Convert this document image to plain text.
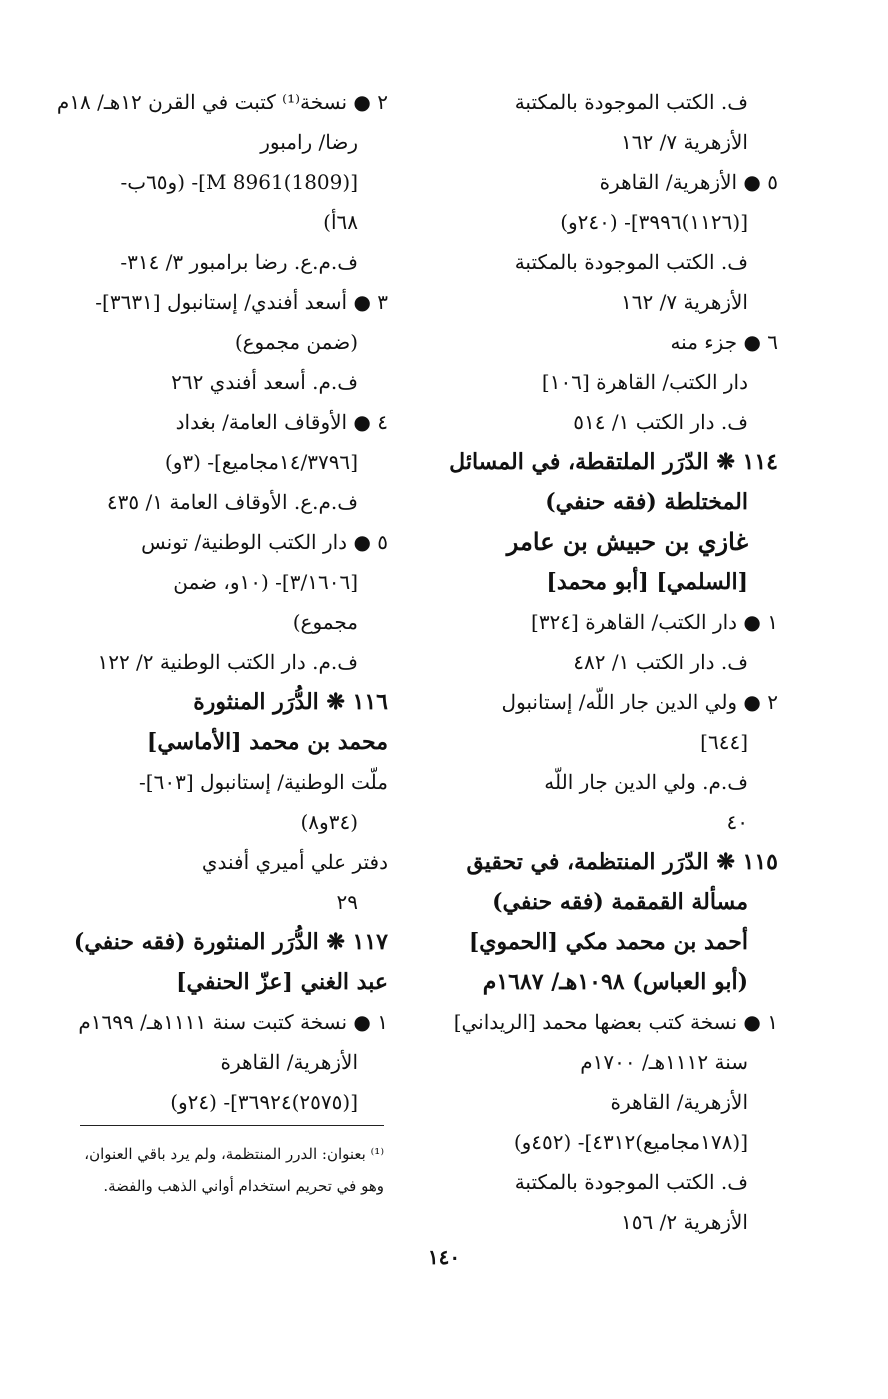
ف. الكتب الموجودة بالمكتبة
الأزهرية ٧/ ١٦٢
٥ ● الأزهرية/ القاهرة
[(١١٢٦)٣٩٩٦]- (٢٤٠و)
ف. الكتب الموجودة بالمكتبة
الأزهرية ٧/ ١٦٢
٦ ● جزء منه
دار الكتب/ القاهرة [١٠٦]
ف. دار الكتب ١/ ٥١٤
١١٤ ❋ الدّرَر الملتقطة، في المسائل
المختلطة (فقه حنفي)
غازي بن حبيش بن عامر
[السلمي] [أبو محمد]
١ ● دار الكتب/ القاهرة [٣٢٤]
ف. دار الكتب ١/ ٤٨٢
٢ ● ولي الدين جار اللّه/ إستانبول
[٦٤٤]
ف.م. ولي الدين جار اللّه
٤٠
١١٥ ❋ الدّرَر المنتظمة، في تحقيق
مسألة القمقمة (فقه حنفي)
أحمد بن محمد مكي [الحموي]
(أبو العباس) ١٠٩٨هـ/ ١٦٨٧م
١ ● نسخة كتب بعضها محمد [الريداني]
سنة ١١١٢هـ/ ١٧٠٠م
الأزهرية/ القاهرة
[(١٧٨مجاميع)٤٣١٢]- (٤٥٢و)
ف. الكتب الموجودة بالمكتبة
الأزهرية ٢/ ١٥٦
٢ ● نسخة⁽¹⁾ كتبت في القرن ١٢هـ/ ١٨م
رضا/ رامبور
[M 8961(1809)]- (و٦٥ب-
٦٨أ)
ف.م.ع. رضا برامبور ٣/ ٣١٤-
٣ ● أسعد أفندي/ إستانبول [٣٦٣١]-
(ضمن مجموع)
ف.م. أسعد أفندي ٢٦٢
٤ ● الأوقاف العامة/ بغداد
[١٤/٣٧٩٦مجاميع]- (٣و)
ف.م.ع. الأوقاف العامة ١/ ٤٣٥
٥ ● دار الكتب الوطنية/ تونس
[٣/١٦٠٦]- (١٠و، ضمن
مجموع)
ف.م. دار الكتب الوطنية ٢/ ١٢٢
١١٦ ❋ الدُّرَر المنثورة
محمد بن محمد [الأماسي]
ملّت الوطنية/ إستانبول [٦٠٣]-
(٣٤و٨)
دفتر علي أميري أفندي
٢٩
١١٧ ❋ الدُّرَر المنثورة (فقه حنفي)
عبد الغني [عزّ الحنفي]
١ ● نسخة كتبت سنة ١١١١هـ/ ١٦٩٩م
الأزهرية/ القاهرة
[(٢٥٧٥)٣٦٩٢٤]- (٢٤و)
⁽¹⁾ بعنوان: الدرر المنتظمة، ولم يرد باقي العنوان،
وهو في تحريم استخدام أواني الذهب والفضة.
١٤٠
